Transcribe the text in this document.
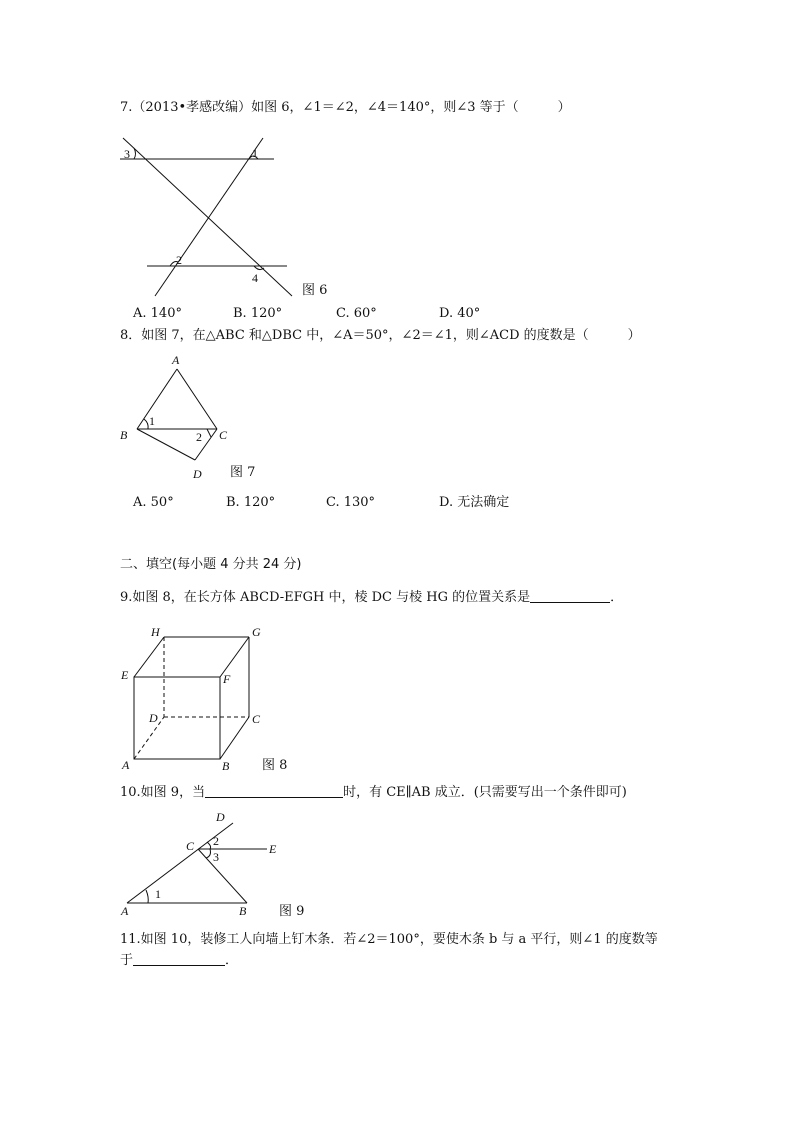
7.（2013•孝感改编）如图 6，∠1＝∠2，∠4＝140°，则∠3 等于（　　　）
3	1
2
4
图 6
A. 140°	B. 120°	C. 60°	D. 40°
8．如图 7，在△ABC 和△DBC 中，∠A＝50°，∠2＝∠1，则∠ACD 的度数是（　　　）
A
B	C
D
1
2
图 7
A. 50°	B. 120°	C. 130°	D. 无法确定
二、填空(每小题 4 分共 24 分)
9.如图 8，在长方体 ABCD-EFGH 中，棱 DC 与棱 HG 的位置关系是	．
H	G
E	F
D	C
A	B	图 8
10.如图 9，当	时，有 CE∥AB 成立．(只需要写出一个条件即可)
D
C	E
A	B
2
3
1
图 9
11.如图 10，装修工人向墙上钉木条．若∠2＝100°，要使木条 b 与 a 平行，则∠1 的度数等
于	．
